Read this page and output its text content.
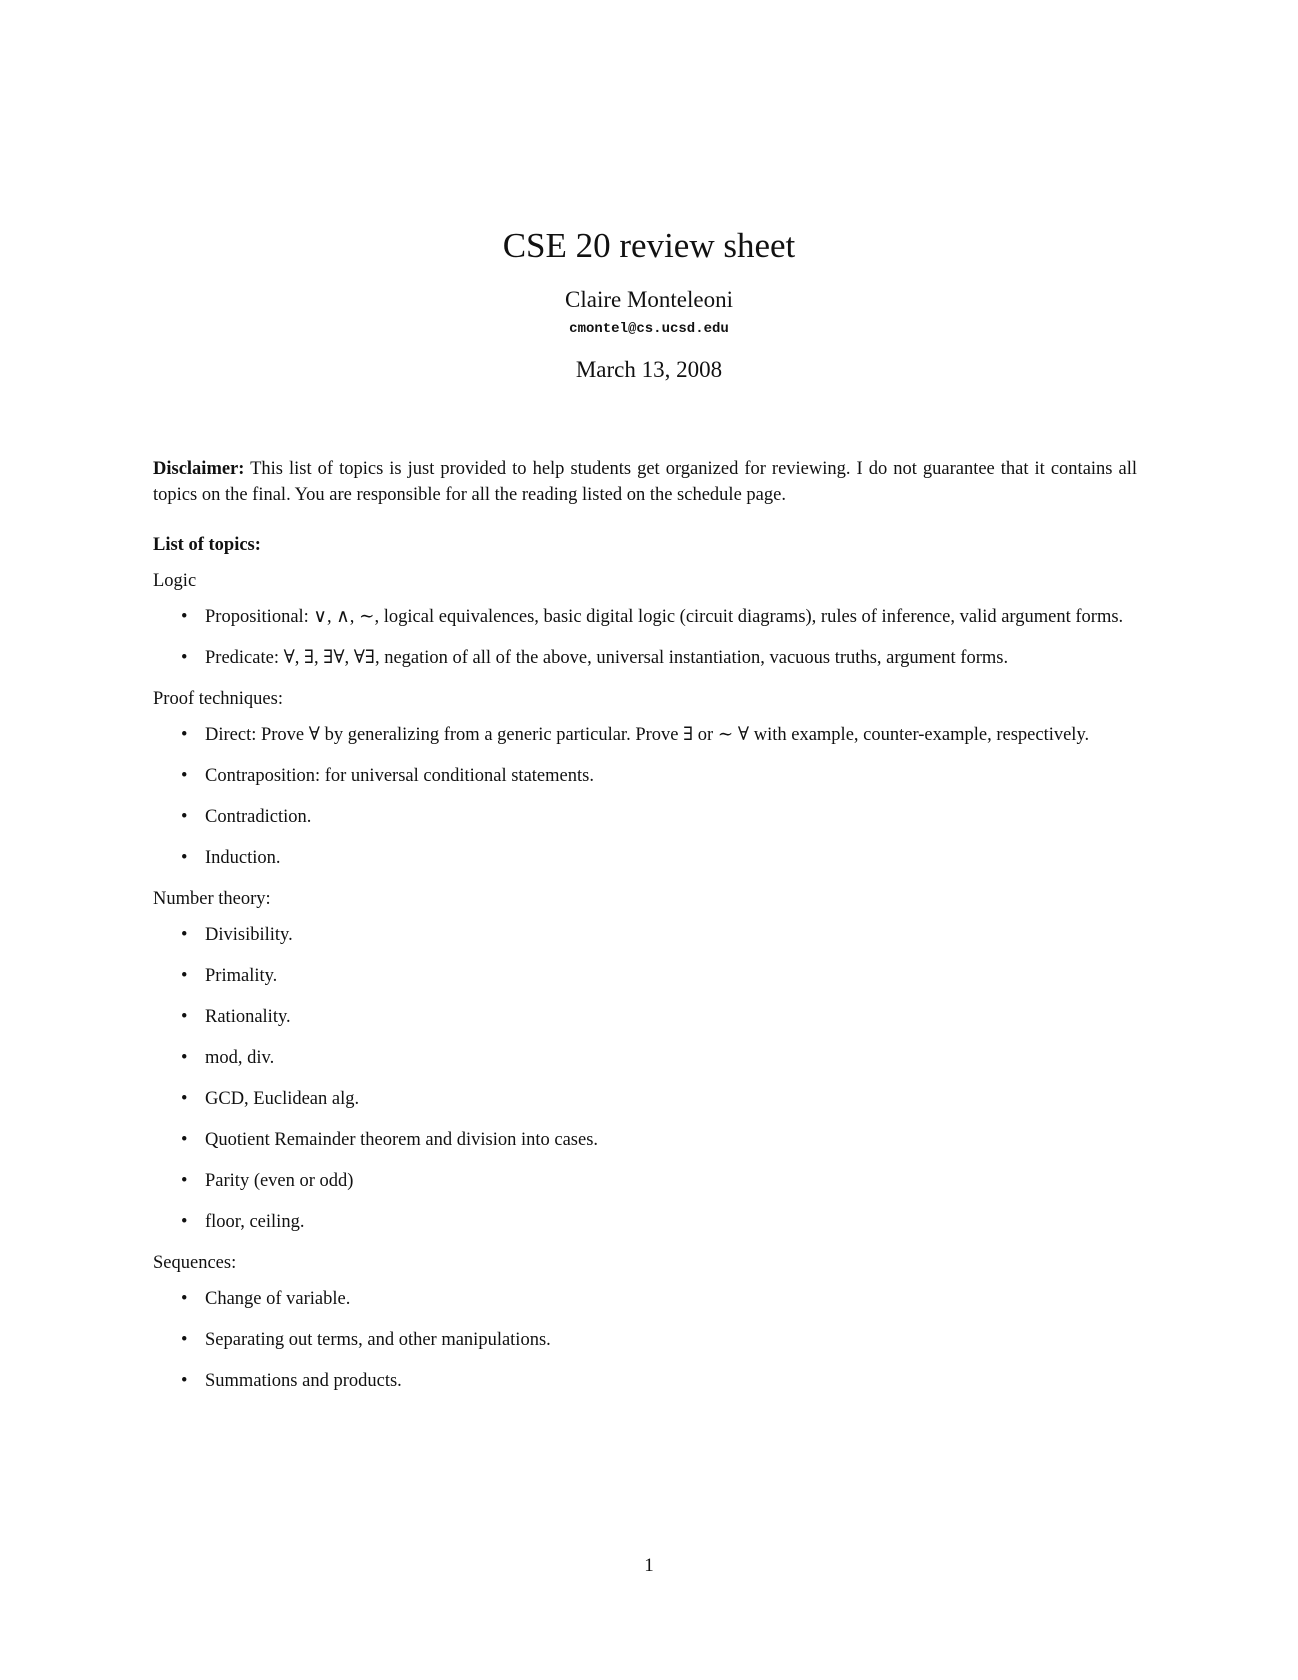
CSE 20 review sheet
Claire Monteleoni
cmontel@cs.ucsd.edu
March 13, 2008

Disclaimer: This list of topics is just provided to help students get organized for reviewing. I do not guarantee that it contains all topics on the final. You are responsible for all the reading listed on the schedule page.

List of topics:
Logic
• Propositional: ∨, ∧, ∼, logical equivalences, basic digital logic (circuit diagrams), rules of inference, valid argument forms.
• Predicate: ∀, ∃, ∃∀, ∀∃, negation of all of the above, universal instantiation, vacuous truths, argument forms.
Proof techniques:
• Direct: Prove ∀ by generalizing from a generic particular. Prove ∃ or ∼ ∀ with example, counter-example, respectively.
• Contraposition: for universal conditional statements.
• Contradiction.
• Induction.
Number theory:
• Divisibility.
• Primality.
• Rationality.
• mod, div.
• GCD, Euclidean alg.
• Quotient Remainder theorem and division into cases.
• Parity (even or odd)
• floor, ceiling.
Sequences:
• Change of variable.
• Separating out terms, and other manipulations.
• Summations and products.
1
